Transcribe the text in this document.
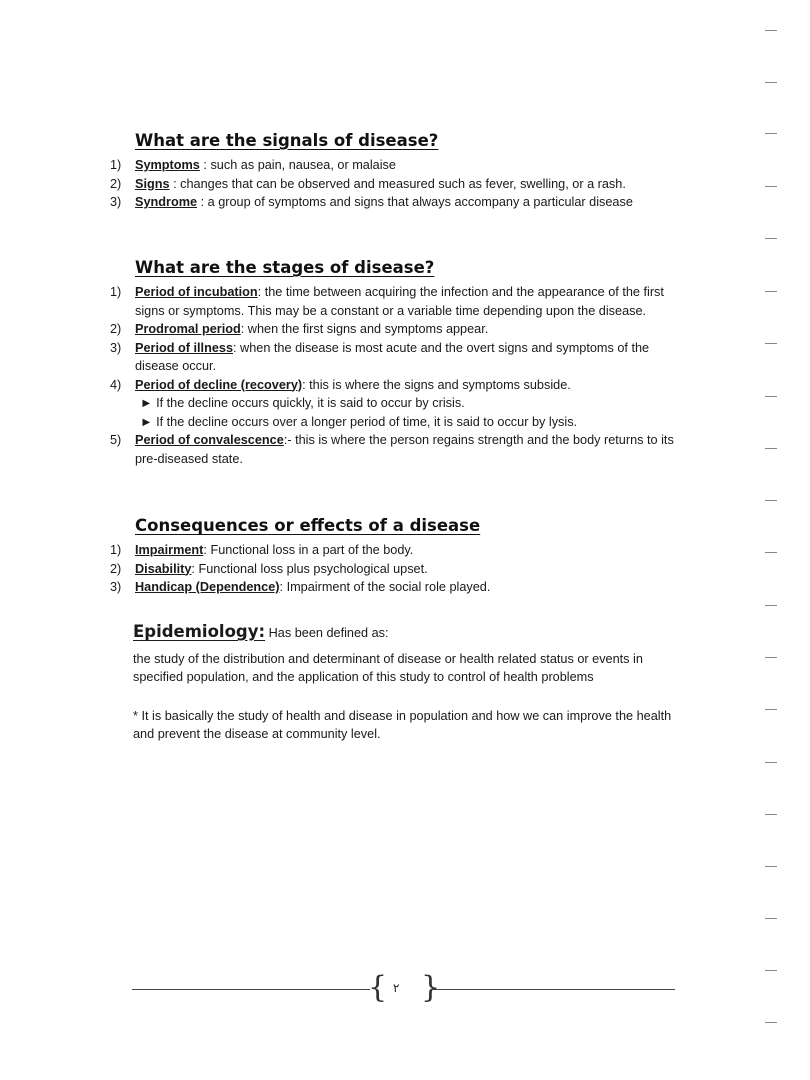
What are the signals of disease?
1) Symptoms : such as pain, nausea, or malaise
2) Signs : changes that can be observed and measured such as fever, swelling, or a rash.
3) Syndrome : a group of symptoms and signs that always accompany a particular disease
What are the stages of disease?
1) Period of incubation: the time between acquiring the infection and the appearance of the first signs or symptoms. This may be a constant or a variable time depending upon the disease.
2) Prodromal period: when the first signs and symptoms appear.
3) Period of illness: when the disease is most acute and the overt signs and symptoms of the disease occur.
4) Period of decline (recovery): this is where the signs and symptoms subside.
► If the decline occurs quickly, it is said to occur by crisis.
► If the decline occurs over a longer period of time, it is said to occur by lysis.
5) Period of convalescence:- this is where the person regains strength and the body returns to its pre-diseased state.
Consequences or effects of a disease
1) Impairment: Functional loss in a part of the body.
2) Disability: Functional loss plus psychological upset.
3) Handicap (Dependence): Impairment of the social role played.
Epidemiology: Has been defined as:
the study of the distribution and determinant of disease or health related status or events in specified population, and the application of this study to control of health problems
* It is basically the study of health and disease in population and how we can improve the health and prevent the disease at community level.
{ ٢ }
